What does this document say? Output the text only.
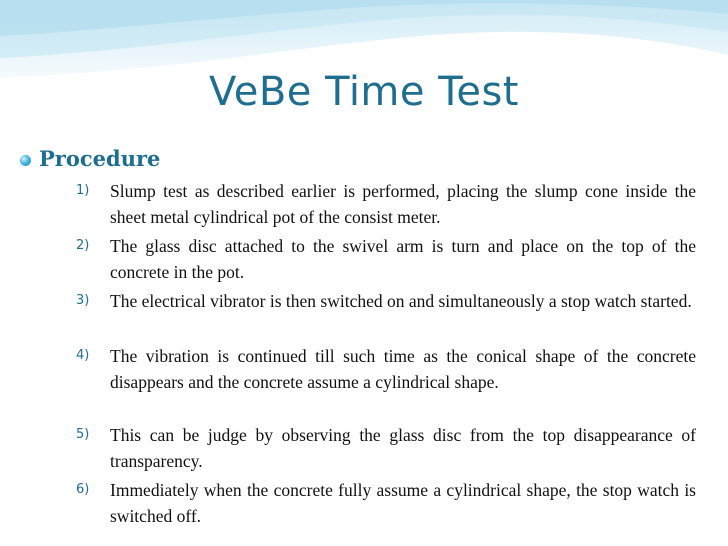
VeBe Time Test
Procedure
1)	Slump test as described earlier is performed, placing the slump cone inside the sheet metal cylindrical pot of the consist meter.
2)	The glass disc attached to the swivel arm is turn and place on the top of the concrete in the pot.
3)	The electrical vibrator is then switched on and simultaneously a stop watch started.
4)	The vibration is continued till such time as the conical shape of the concrete disappears and the concrete assume a cylindrical shape.
5)	This can be judge by observing the glass disc from the top disappearance of transparency.
6)	Immediately when the concrete fully assume a cylindrical shape, the stop watch is switched off.
